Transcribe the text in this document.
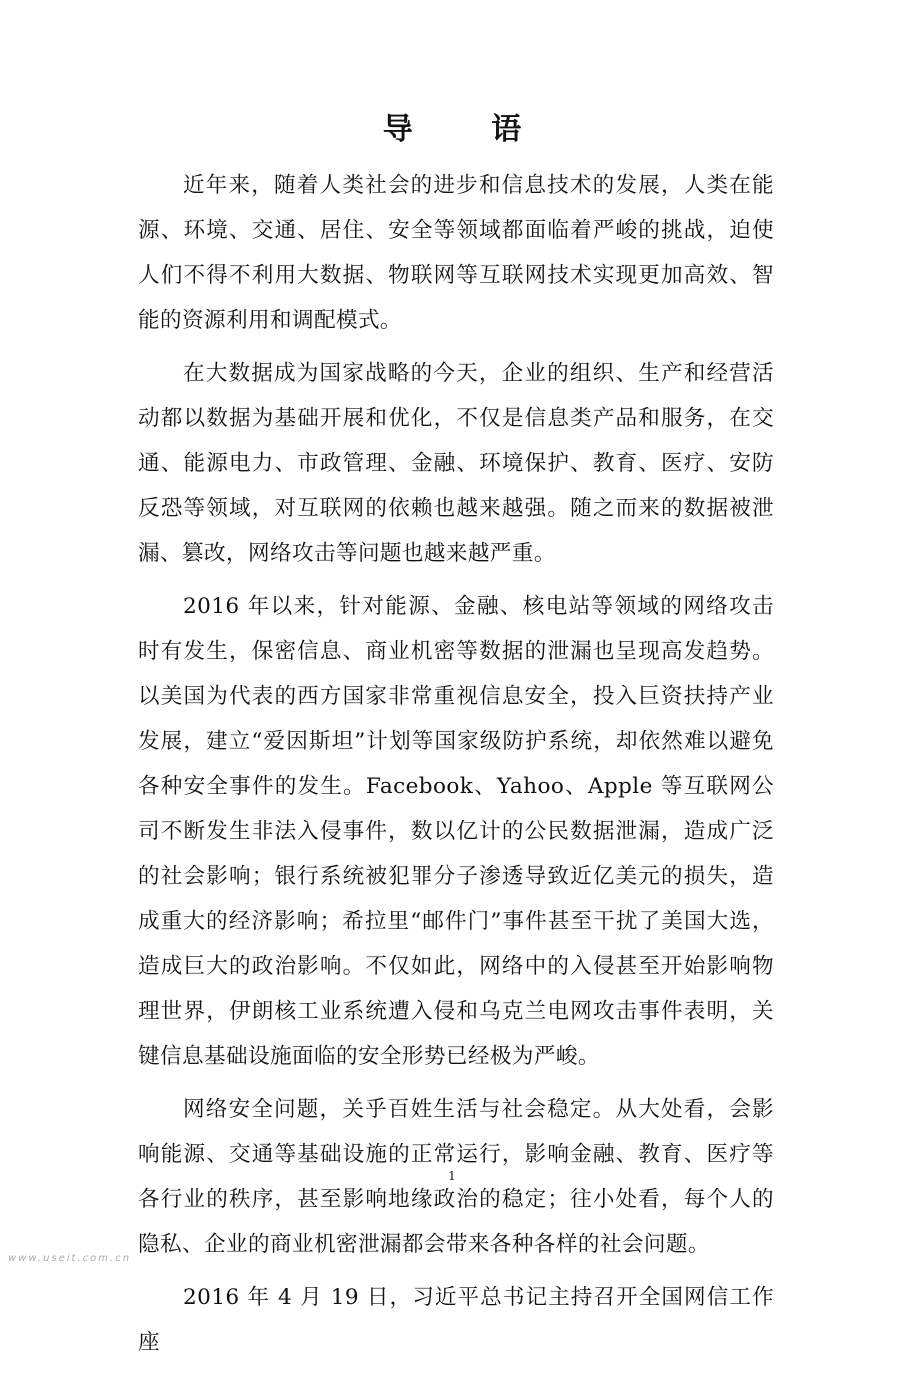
导 语

近年来，随着人类社会的进步和信息技术的发展，人类在能源、环境、交通、居住、安全等领域都面临着严峻的挑战，迫使人们不得不利用大数据、物联网等互联网技术实现更加高效、智能的资源利用和调配模式。

在大数据成为国家战略的今天，企业的组织、生产和经营活动都以数据为基础开展和优化，不仅是信息类产品和服务，在交通、能源电力、市政管理、金融、环境保护、教育、医疗、安防反恐等领域，对互联网的依赖也越来越强。随之而来的数据被泄漏、篡改，网络攻击等问题也越来越严重。

2016 年以来，针对能源、金融、核电站等领域的网络攻击时有发生，保密信息、商业机密等数据的泄漏也呈现高发趋势。以美国为代表的西方国家非常重视信息安全，投入巨资扶持产业发展，建立“爱因斯坦”计划等国家级防护系统，却依然难以避免各种安全事件的发生。Facebook、Yahoo、Apple 等互联网公司不断发生非法入侵事件，数以亿计的公民数据泄漏，造成广泛的社会影响；银行系统被犯罪分子渗透导致近亿美元的损失，造成重大的经济影响；希拉里“邮件门”事件甚至干扰了美国大选，造成巨大的政治影响。不仅如此，网络中的入侵甚至开始影响物理世界，伊朗核工业系统遭入侵和乌克兰电网攻击事件表明，关键信息基础设施面临的安全形势已经极为严峻。

网络安全问题，关乎百姓生活与社会稳定。从大处看，会影响能源、交通等基础设施的正常运行，影响金融、教育、医疗等各行业的秩序，甚至影响地缘政治的稳定；往小处看，每个人的隐私、企业的商业机密泄漏都会带来各种各样的社会问题。

2016 年 4 月 19 日，习近平总书记主持召开全国网信工作座

1
www.useit.com.cn
